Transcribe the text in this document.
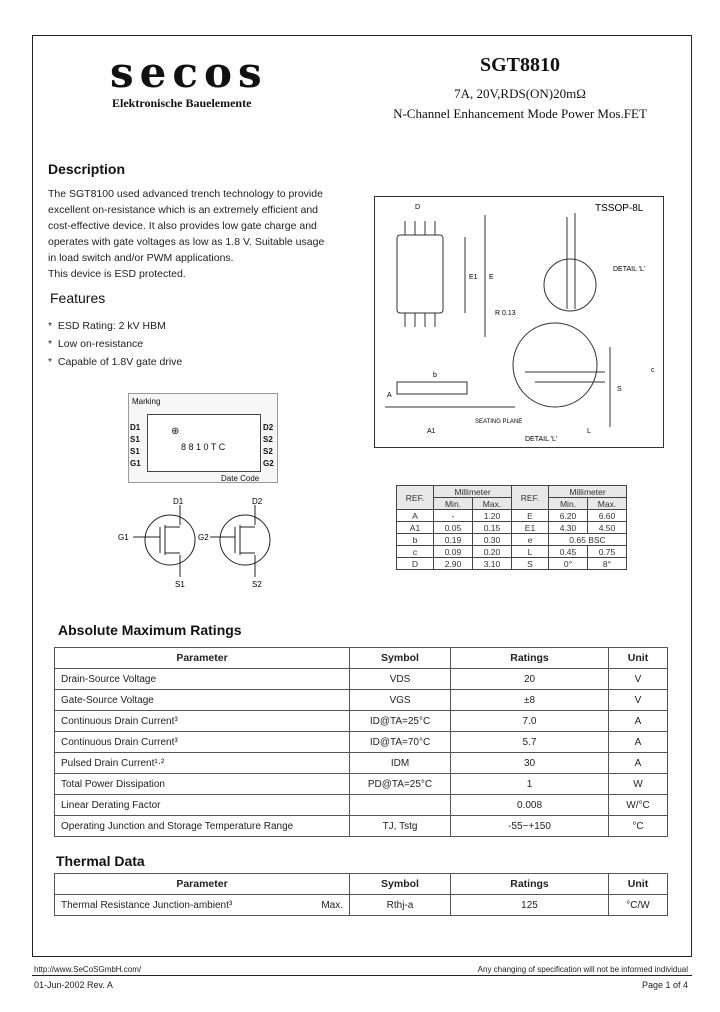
secos
Elektronische Bauelemente
SGT8810
7A, 20V,RDS(ON)20mΩ
N-Channel Enhancement Mode Power Mos.FET
Description
The SGT8100 used advanced trench technology to provide
excellent on-resistance which is an extremely efficient and
cost-effective device. It also provides low gate charge and
operates with gate voltages as low as 1.8 V. Suitable usage
in load switch and/or PWM applications.
This device is ESD protected.
Features
*  ESD Rating: 2 kV HBM
*  Low on-resistance
*  Capable of 1.8V gate drive
Marking
⊕
8 8 1 0 T C
D1
S1
S1
G1
D2
S2
S2
G2
Date Code
D1
G1
S1
D2
G2
S2
TSSOP-8L
DETAIL 'L'
SEATING PLANE
R 0.13
DETAIL 'L'
D
E
E1
A
A1
b
c
L
S
REF.	Millimeter		REF.	Millimeter	
	Min.	Max.		Min.	Max.
A	-	1.20	E	6.20	6.60
A1	0.05	0.15	E1	4.30	4.50
b	0.19	0.30	e	0.65 BSC	
c	0.09	0.20	L	0.45	0.75
D	2.90	3.10	S	0°	8°
Absolute Maximum Ratings
Parameter	Symbol	Ratings	Unit
Drain-Source Voltage	VDS	20	V
Gate-Source Voltage	VGS	±8	V
Continuous Drain Current³	ID@TA=25°C	7.0	A
Continuous Drain Current³	ID@TA=70°C	5.7	A
Pulsed Drain Current¹·²	IDM	30	A
Total Power Dissipation	PD@TA=25°C	1	W
Linear Derating Factor		0.008	W/°C
Operating Junction and Storage Temperature Range	TJ, Tstg	-55~+150	°C
Thermal Data
Parameter	Symbol	Ratings	Unit
Thermal Resistance Junction-ambient³ Max.	Rthj-a	125	°C/W
http://www.SeCoSGmbH.com/	Any changing of specification will not be informed individual
01-Jun-2002 Rev. A	Page 1 of 4
